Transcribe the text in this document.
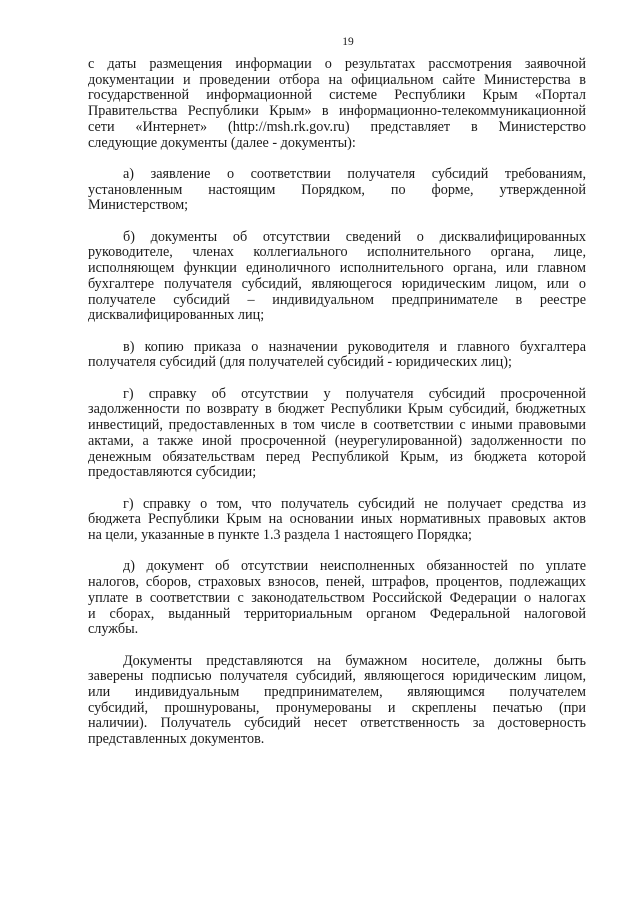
19
с даты размещения информации о результатах рассмотрения заявочной
документации и проведении отбора на официальном сайте Министерства в
государственной информационной системе Республики Крым «Портал
Правительства Республики Крым» в информационно-телекоммуникационной
сети «Интернет» (http://msh.rk.gov.ru) представляет в Министерство
следующие документы (далее - документы):
а) заявление о соответствии получателя субсидий требованиям,
установленным настоящим Порядком, по форме, утвержденной
Министерством;
б) документы об отсутствии сведений о дисквалифицированных
руководителе, членах коллегиального исполнительного органа, лице,
исполняющем функции единоличного исполнительного органа, или главном
бухгалтере получателя субсидий, являющегося юридическим лицом, или о
получателе субсидий – индивидуальном предпринимателе в реестре
дисквалифицированных лиц;
в) копию приказа о назначении руководителя и главного бухгалтера
получателя субсидий (для получателей субсидий - юридических лиц);
г) справку об отсутствии у получателя субсидий просроченной
задолженности по возврату в бюджет Республики Крым субсидий, бюджетных
инвестиций, предоставленных в том числе в соответствии с иными правовыми
актами, а также иной просроченной (неурегулированной) задолженности по
денежным обязательствам перед Республикой Крым, из бюджета которой
предоставляются субсидии;
г) справку о том, что получатель субсидий не получает средства из
бюджета Республики Крым на основании иных нормативных правовых актов
на цели, указанные в пункте 1.3 раздела 1 настоящего Порядка;
д) документ об отсутствии неисполненных обязанностей по уплате
налогов, сборов, страховых взносов, пеней, штрафов, процентов, подлежащих
уплате в соответствии с законодательством Российской Федерации о налогах
и сборах, выданный территориальным органом Федеральной налоговой
службы.
Документы представляются на бумажном носителе, должны быть
заверены подписью получателя субсидий, являющегося юридическим лицом,
или индивидуальным предпринимателем, являющимся получателем
субсидий, прошнурованы, пронумерованы и скреплены печатью (при
наличии). Получатель субсидий несет ответственность за достоверность
представленных документов.
